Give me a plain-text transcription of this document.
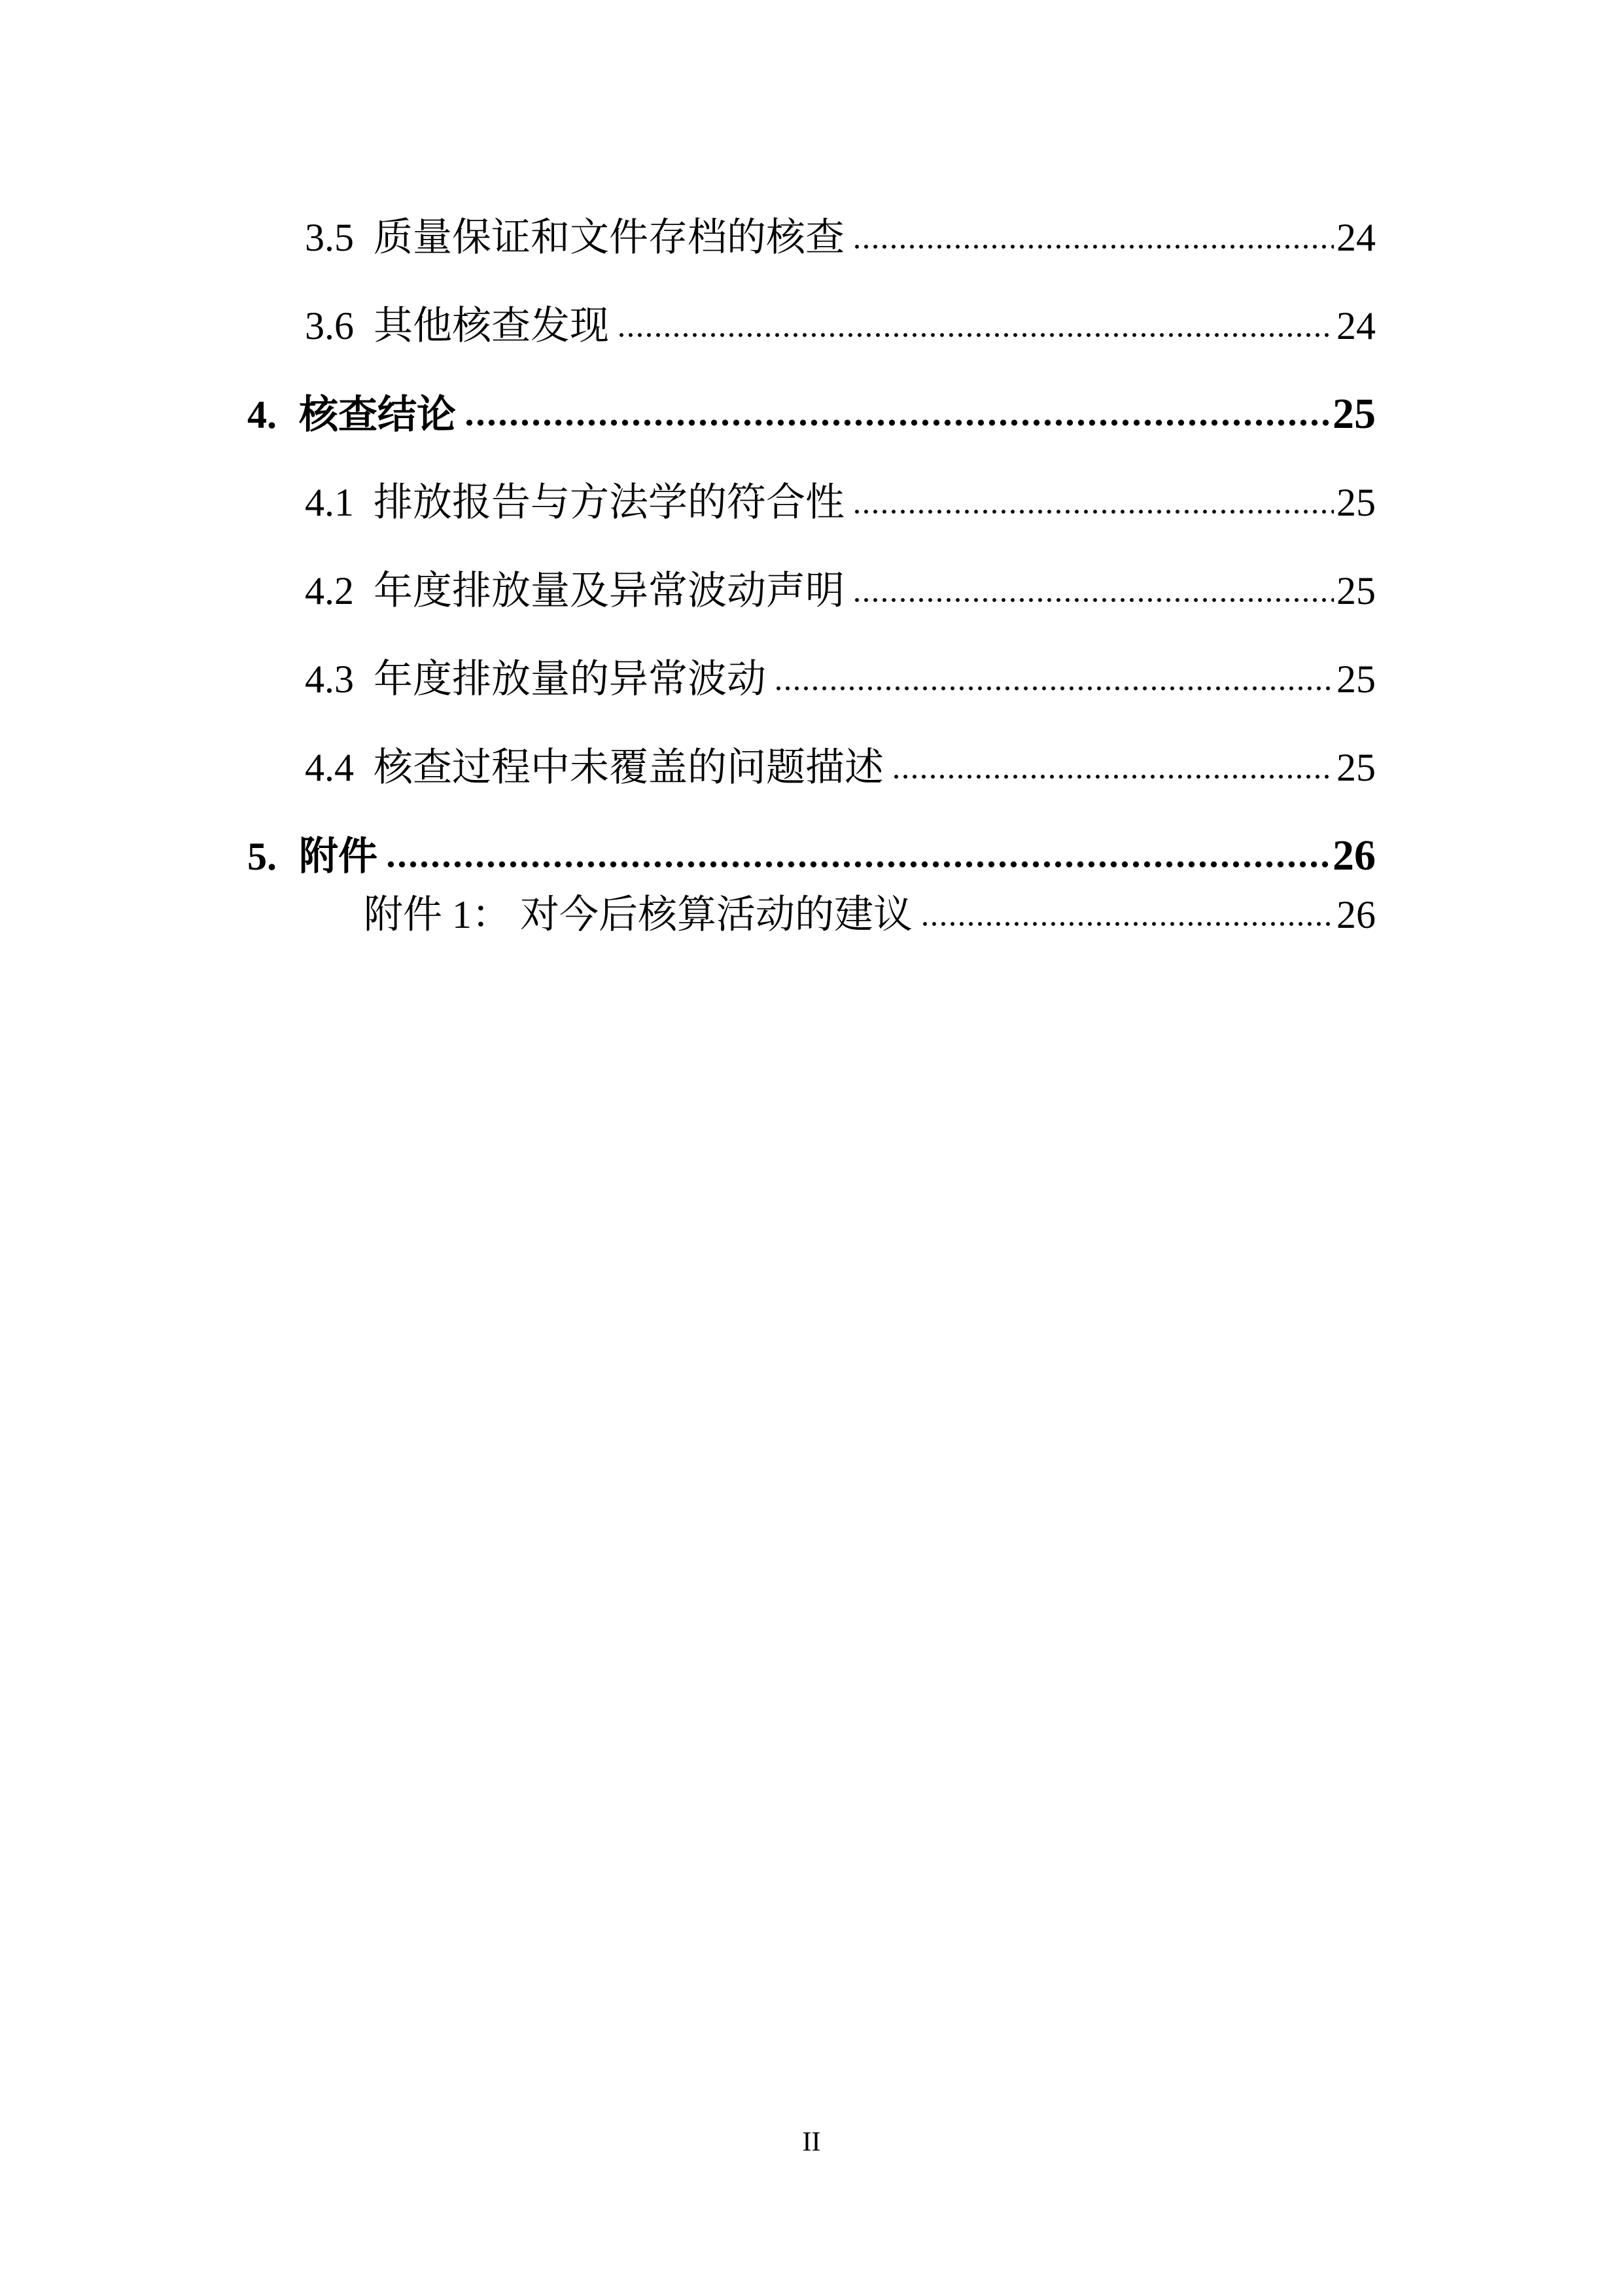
3.5 质量保证和文件存档的核查	24
3.6 其他核查发现	24
4. 核查结论	25
4.1 排放报告与方法学的符合性	25
4.2 年度排放量及异常波动声明	25
4.3 年度排放量的异常波动	25
4.4 核查过程中未覆盖的问题描述	25
5. 附件	26
附件 1： 对今后核算活动的建议	26
II
